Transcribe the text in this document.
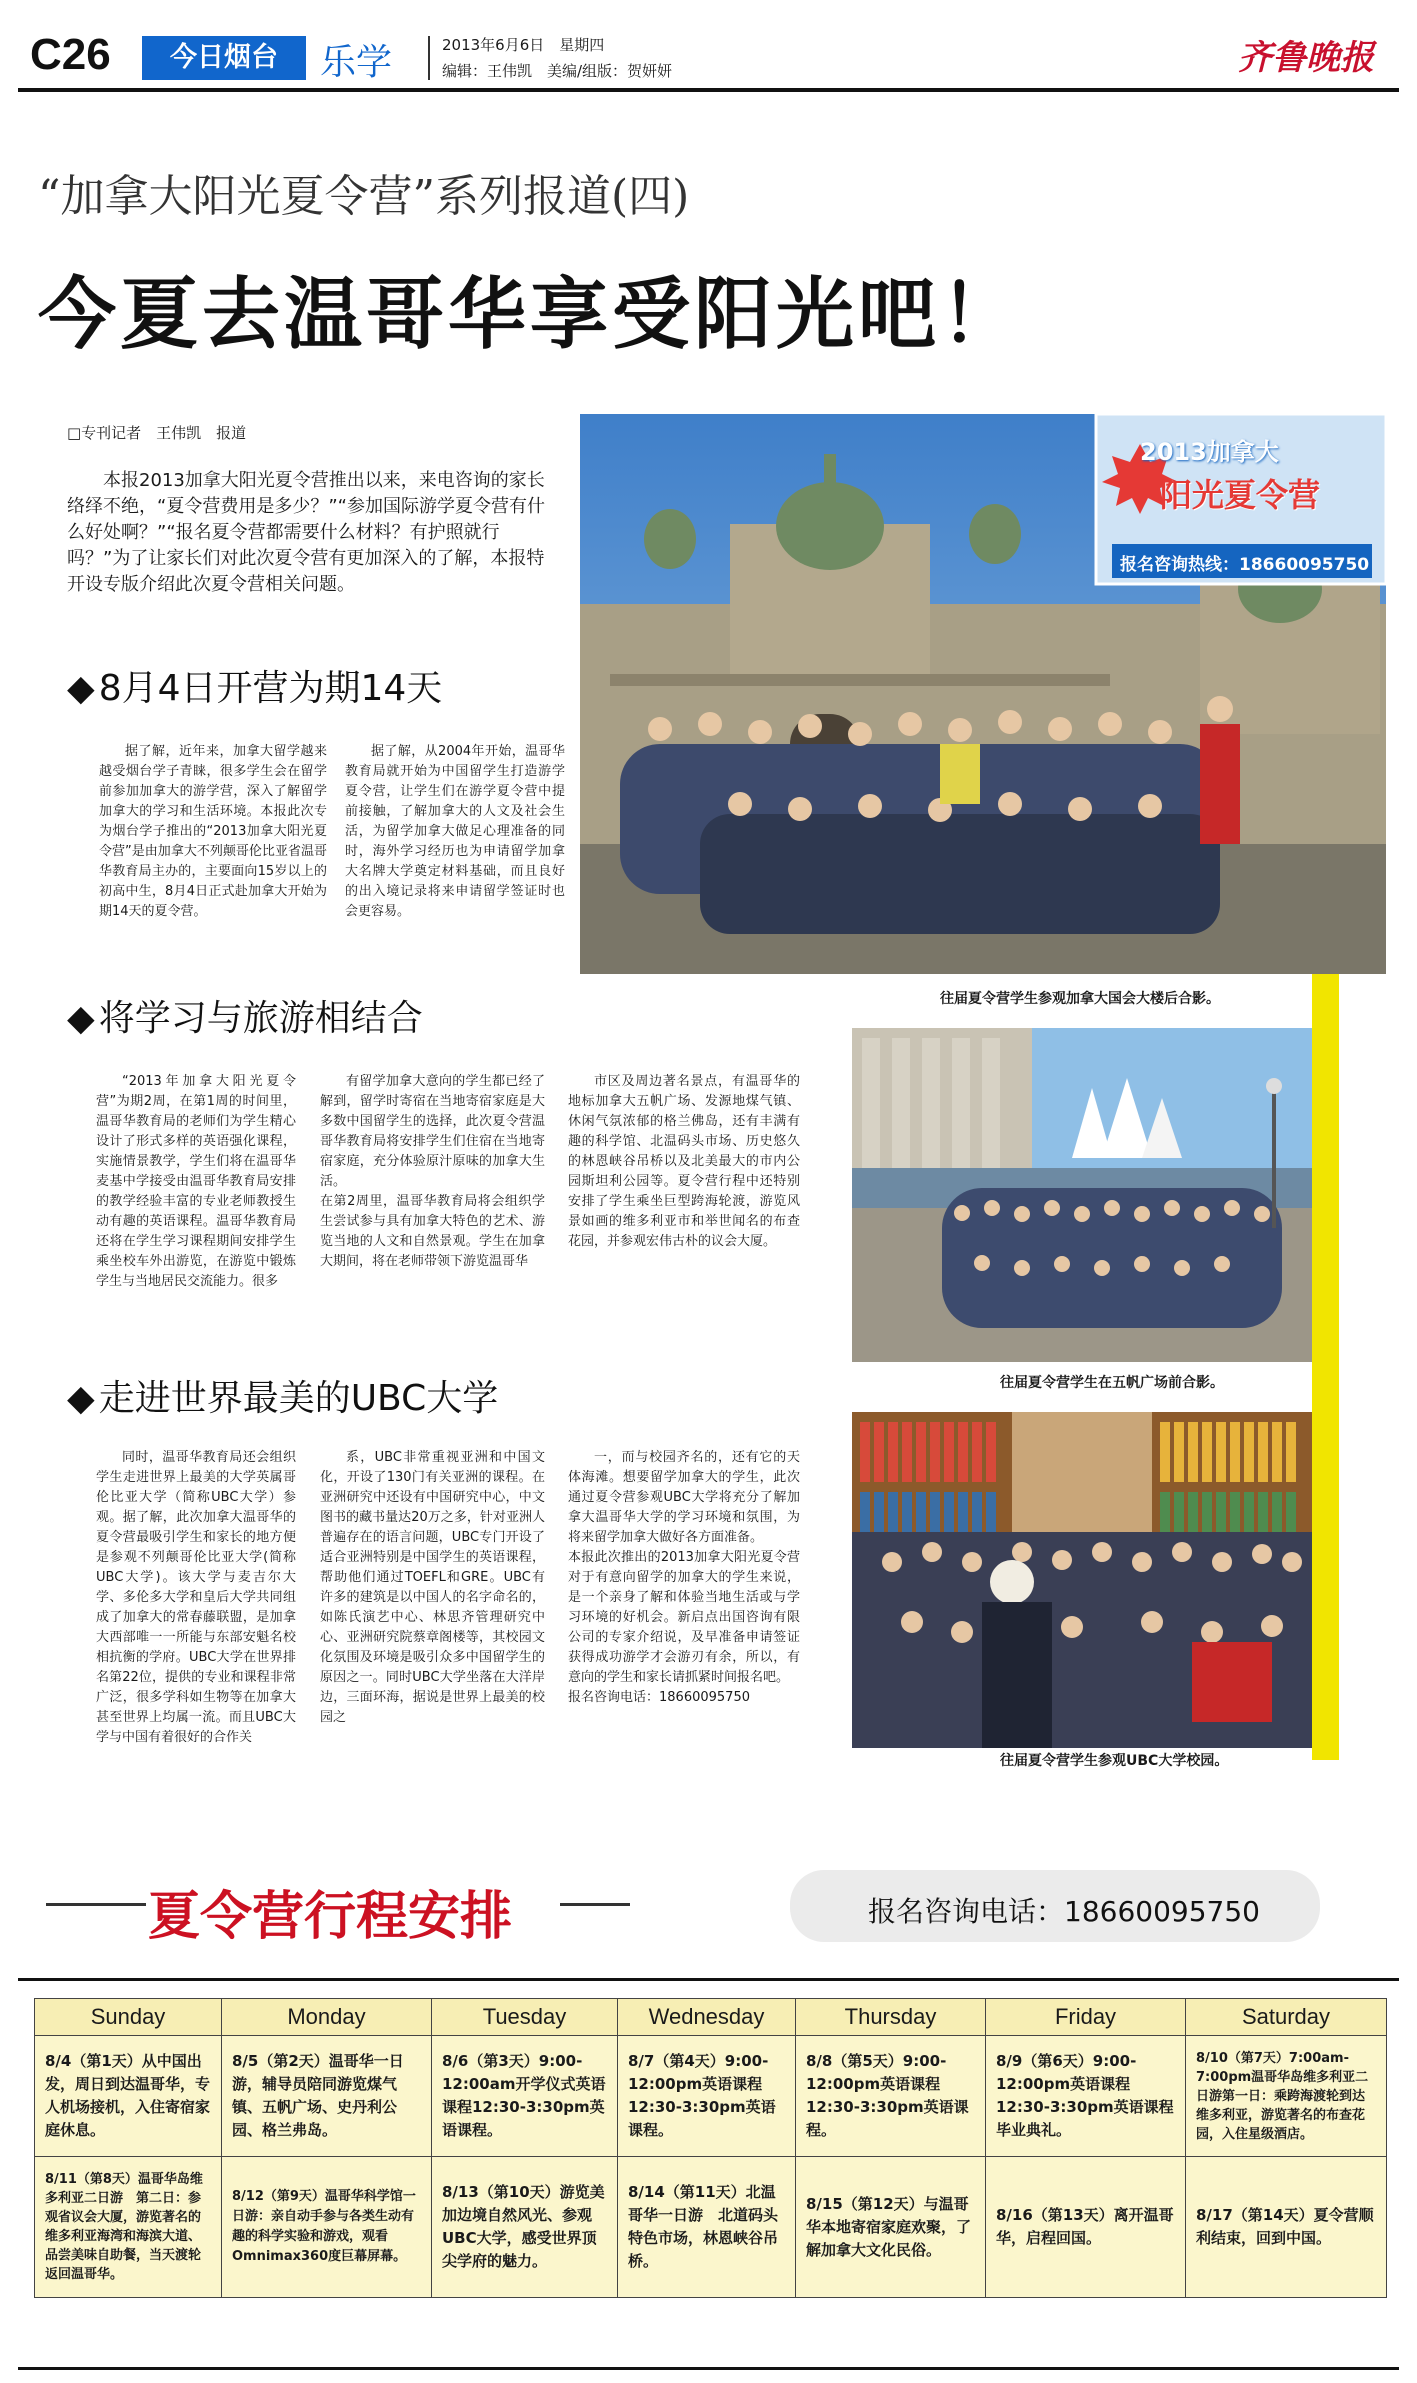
C26	今日烟台	乐学	2013年6月6日　星期四
编辑：王伟凯　美编/组版：贺妍妍	齐鲁晚报
“加拿大阳光夏令营”系列报道(四)
今夏去温哥华享受阳光吧！
□专刊记者　王伟凯　报道
本报2013加拿大阳光夏令营推出以来，来电咨询的家长络绎不绝，“夏令营费用是多少？”“参加国际游学夏令营有什么好处啊？”“报名夏令营都需要什么材料？有护照就行吗？”为了让家长们对此次夏令营有更加深入的了解，本报特开设专版介绍此次夏令营相关问题。
◆ 8月4日开营为期14天

据了解，近年来，加拿大留学越来越受烟台学子青睐，很多学生会在留学前参加加拿大的游学营，深入了解留学加拿大的学习和生活环境。本报此次专为烟台学子推出的“2013加拿大阳光夏令营”是由加拿大不列颠哥伦比亚省温哥华教育局主办的，主要面向15岁以上的初高中生，8月4日正式赴加拿大开始为期14天的夏令营。

据了解，从2004年开始，温哥华教育局就开始为中国留学生打造游学夏令营，让学生们在游学夏令营中提前接触，了解加拿大的人文及社会生活，为留学加拿大做足心理准备的同时，海外学习经历也为申请留学加拿大名牌大学奠定材料基础，而且良好的出入境记录将来申请留学签证时也会更容易。

◆ 将学习与旅游相结合

“2013年加拿大阳光夏令营”为期2周，在第1周的时间里，温哥华教育局的老师们为学生精心设计了形式多样的英语强化课程，实施情景教学，学生们将在温哥华麦基中学接受由温哥华教育局安排的教学经验丰富的专业老师教授生动有趣的英语课程。温哥华教育局还将在学生学习课程期间安排学生乘坐校车外出游览，在游览中锻炼学生与当地居民交流能力。很多

有留学加拿大意向的学生都已经了解到，留学时寄宿在当地寄宿家庭是大多数中国留学生的选择，此次夏令营温哥华教育局将安排学生们住宿在当地寄宿家庭，充分体验原汁原味的加拿大生活。
在第2周里，温哥华教育局将会组织学生尝试参与具有加拿大特色的艺术、游览当地的人文和自然景观。学生在加拿大期间，将在老师带领下游览温哥华

市区及周边著名景点，有温哥华的地标加拿大五帆广场、发源地煤气镇、休闲气氛浓郁的格兰佛岛，还有丰满有趣的科学馆、北温码头市场、历史悠久的林恩峡谷吊桥以及北美最大的市内公园斯坦利公园等。夏令营行程中还特别安排了学生乘坐巨型跨海轮渡，游览风景如画的维多利亚市和举世闻名的布查花园，并参观宏伟古朴的议会大厦。

◆ 走进世界最美的UBC大学

同时，温哥华教育局还会组织学生走进世界上最美的大学英属哥伦比亚大学（简称UBC大学）参观。据了解，此次加拿大温哥华的夏令营最吸引学生和家长的地方便是参观不列颠哥伦比亚大学(简称UBC大学)。该大学与麦吉尔大学、多伦多大学和皇后大学共同组成了加拿大的常春藤联盟，是加拿大西部唯一一所能与东部安魁名校相抗衡的学府。UBC大学在世界排名第22位，提供的专业和课程非常广泛，很多学科如生物等在加拿大甚至世界上均属一流。而且UBC大学与中国有着很好的合作关

系，UBC非常重视亚洲和中国文化，开设了130门有关亚洲的课程。在亚洲研究中还设有中国研究中心，中文图书的藏书量达20万之多，针对亚洲人普遍存在的语言问题，UBC专门开设了适合亚洲特别是中国学生的英语课程，帮助他们通过TOEFL和GRE。UBC有许多的建筑是以中国人的名字命名的，如陈氏演艺中心、林思齐管理研究中心、亚洲研究院蔡章阁楼等，其校园文化氛围及环境是吸引众多中国留学生的原因之一。同时UBC大学坐落在大洋岸边，三面环海，据说是世界上最美的校园之

一，而与校园齐名的，还有它的天体海滩。想要留学加拿大的学生，此次通过夏令营参观UBC大学将充分了解加拿大温哥华大学的学习环境和氛围，为将来留学加拿大做好各方面准备。
本报此次推出的2013加拿大阳光夏令营对于有意向留学的加拿大的学生来说，是一个亲身了解和体验当地生活或与学习环境的好机会。新启点出国咨询有限公司的专家介绍说，及早准备申请签证获得成功游学才会游刃有余，所以，有意向的学生和家长请抓紧时间报名吧。
报名咨询电话：18660095750

2013加拿大
阳光夏令营
报名咨询热线：18660095750
往届夏令营学生参观加拿大国会大楼后合影。
往届夏令营学生在五帆广场前合影。
往届夏令营学生参观UBC大学校园。
夏令营行程安排	报名咨询电话：18660095750
Sunday	Monday	Tuesday	Wednesday	Thursday	Friday	Saturday
8/4（第1天）从中国出发，周日到达温哥华，专人机场接机，入住寄宿家庭休息。	8/5（第2天）温哥华一日游，辅导员陪同游览煤气镇、五帆广场、史丹利公园、格兰弗岛。	8/6（第3天）9:00-12:00am开学仪式英语课程12:30-3:30pm英语课程。	8/7（第4天）9:00-12:00pm英语课程12:30-3:30pm英语课程。	8/8（第5天）9:00-12:00pm英语课程12:30-3:30pm英语课程。	8/9（第6天）9:00-12:00pm英语课程12:30-3:30pm英语课程毕业典礼。	8/10（第7天）7:00am-7:00pm温哥华岛维多利亚二日游第一日：乘跨海渡轮到达维多利亚，游览著名的布查花园，入住星级酒店。
8/11（第8天）温哥华岛维多利亚二日游　第二日：参观省议会大厦，游览著名的维多利亚海湾和海滨大道、品尝美味自助餐，当天渡轮返回温哥华。	8/12（第9天）温哥华科学馆一日游：亲自动手参与各类生动有趣的科学实验和游戏，观看Omnimax360度巨幕屏幕。	8/13（第10天）游览美加边境自然风光、参观UBC大学，感受世界顶尖学府的魅力。	8/14（第11天）北温哥华一日游　北道码头特色市场，林恩峡谷吊桥。	8/15（第12天）与温哥华本地寄宿家庭欢聚，了解加拿大文化民俗。	8/16（第13天）离开温哥华，启程回国。	8/17（第14天）夏令营顺利结束，回到中国。
